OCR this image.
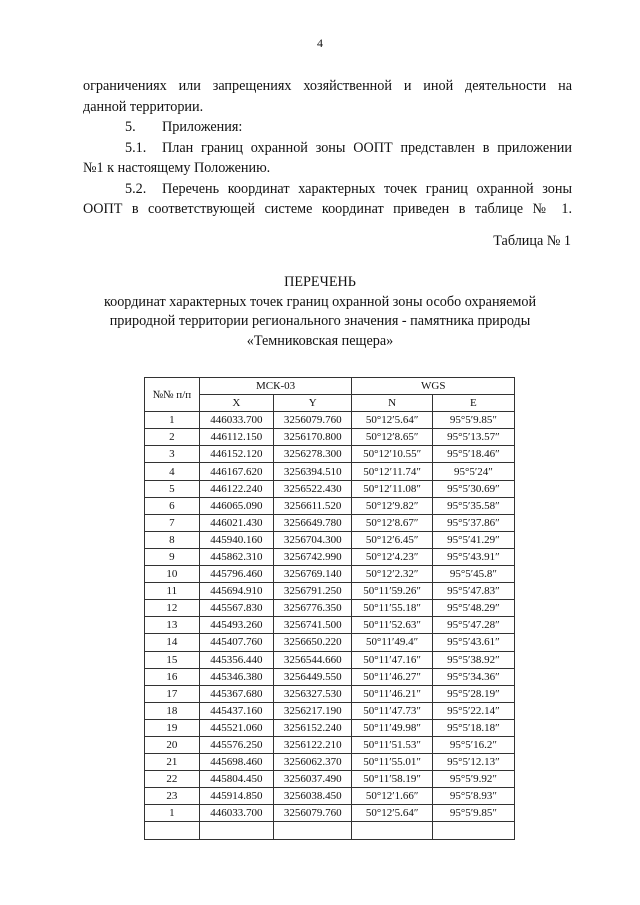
4
ограничениях или запрещениях хозяйственной и иной деятельности на
данной территории.
5. Приложения:
5.1.	План границ охранной зоны ООПТ представлен в приложении
№1 к настоящему Положению.
5.2.	Перечень координат характерных точек границ охранной зоны
ООПТ в соответствующей системе координат приведен в таблице № 1.
Таблица № 1
ПЕРЕЧЕНЬ
координат характерных точек границ охранной зоны особо охраняемой
природной территории регионального значения - памятника природы
«Темниковская пещера»
№№ п/п	МСК-03		WGS	
	X	Y	N	E
1	446033.700	3256079.760	50°12′5.64″	95°5′9.85″
2	446112.150	3256170.800	50°12′8.65″	95°5′13.57″
3	446152.120	3256278.300	50°12′10.55″	95°5′18.46″
4	446167.620	3256394.510	50°12′11.74″	95°5′24″
5	446122.240	3256522.430	50°12′11.08″	95°5′30.69″
6	446065.090	3256611.520	50°12′9.82″	95°5′35.58″
7	446021.430	3256649.780	50°12′8.67″	95°5′37.86″
8	445940.160	3256704.300	50°12′6.45″	95°5′41.29″
9	445862.310	3256742.990	50°12′4.23″	95°5′43.91″
10	445796.460	3256769.140	50°12′2.32″	95°5′45.8″
11	445694.910	3256791.250	50°11′59.26″	95°5′47.83″
12	445567.830	3256776.350	50°11′55.18″	95°5′48.29″
13	445493.260	3256741.500	50°11′52.63″	95°5′47.28″
14	445407.760	3256650.220	50°11′49.4″	95°5′43.61″
15	445356.440	3256544.660	50°11′47.16″	95°5′38.92″
16	445346.380	3256449.550	50°11′46.27″	95°5′34.36″
17	445367.680	3256327.530	50°11′46.21″	95°5′28.19″
18	445437.160	3256217.190	50°11′47.73″	95°5′22.14″
19	445521.060	3256152.240	50°11′49.98″	95°5′18.18″
20	445576.250	3256122.210	50°11′51.53″	95°5′16.2″
21	445698.460	3256062.370	50°11′55.01″	95°5′12.13″
22	445804.450	3256037.490	50°11′58.19″	95°5′9.92″
23	445914.850	3256038.450	50°12′1.66″	95°5′8.93″
1	446033.700	3256079.760	50°12′5.64″	95°5′9.85″
